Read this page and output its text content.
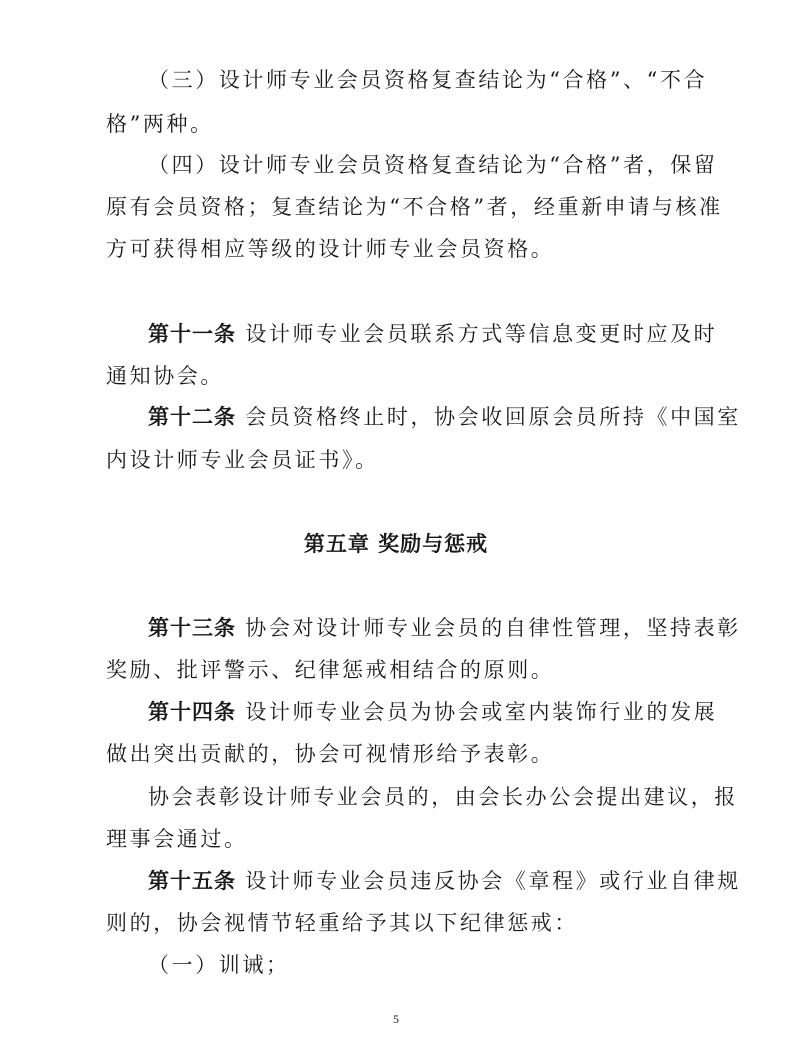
（三）设计师专业会员资格复查结论为“合格”、“不合
格”两种。
（四）设计师专业会员资格复查结论为“合格”者，保留
原有会员资格；复查结论为“不合格”者，经重新申请与核准
方可获得相应等级的设计师专业会员资格。
第十一条 设计师专业会员联系方式等信息变更时应及时
通知协会。
第十二条 会员资格终止时，协会收回原会员所持《中国室
内设计师专业会员证书》。
第五章 奖励与惩戒
第十三条 协会对设计师专业会员的自律性管理，坚持表彰
奖励、批评警示、纪律惩戒相结合的原则。
第十四条 设计师专业会员为协会或室内装饰行业的发展
做出突出贡献的，协会可视情形给予表彰。
协会表彰设计师专业会员的，由会长办公会提出建议，报
理事会通过。
第十五条 设计师专业会员违反协会《章程》或行业自律规
则的，协会视情节轻重给予其以下纪律惩戒：
（一）训诫；
5
